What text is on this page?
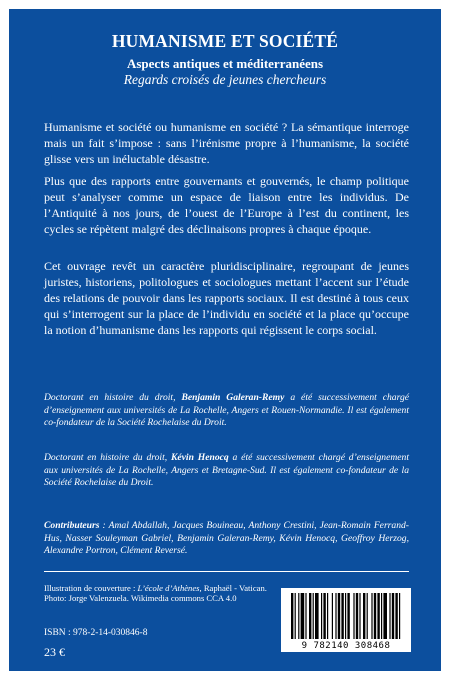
HUMANISME ET SOCIÉTÉ

Aspects antiques et méditerranéens

Regards croisés de jeunes chercheurs

Humanisme et société ou humanisme en société ? La sémantique interroge mais un fait s’impose : sans l’irénisme propre à l’humanisme, la société glisse vers un inéluctable désastre.

Plus que des rapports entre gouvernants et gouvernés, le champ politique peut s’analyser comme un espace de liaison entre les individus. De l’Antiquité à nos jours, de l’ouest de l’Europe à l’est du continent, les cycles se répètent malgré des déclinaisons propres à chaque époque.

Cet ouvrage revêt un caractère pluridisciplinaire, regroupant de jeunes juristes, historiens, politologues et sociologues mettant l’accent sur l’étude des relations de pouvoir dans les rapports sociaux. Il est destiné à tous ceux qui s’interrogent sur la place de l’individu en société et la place qu’occupe la notion d’humanisme dans les rapports qui régissent le corps social.

Doctorant en histoire du droit, Benjamin Galeran-Remy a été successivement chargé d’enseignement aux universités de La Rochelle, Angers et Rouen-Normandie. Il est également co-fondateur de la Société Rochelaise du Droit.

Doctorant en histoire du droit, Kévin Henocq a été successivement chargé d’enseignement aux universités de La Rochelle, Angers et Bretagne-Sud. Il est également co-fondateur de la Société Rochelaise du Droit.

Contributeurs : Amal Abdallah, Jacques Bouineau, Anthony Crestini, Jean-Romain Ferrand-Hus, Nasser Souleyman Gabriel, Benjamin Galeran-Remy, Kévin Henocq, Geoffroy Herzog, Alexandre Portron, Clément Reversé.

Illustration de couverture : L’école d’Athènes, Raphaël - Vatican. Photo: Jorge Valenzuela. Wikimedia commons CCA 4.0

ISBN : 978-2-14-030846-8

23 €	9 782140 308468
